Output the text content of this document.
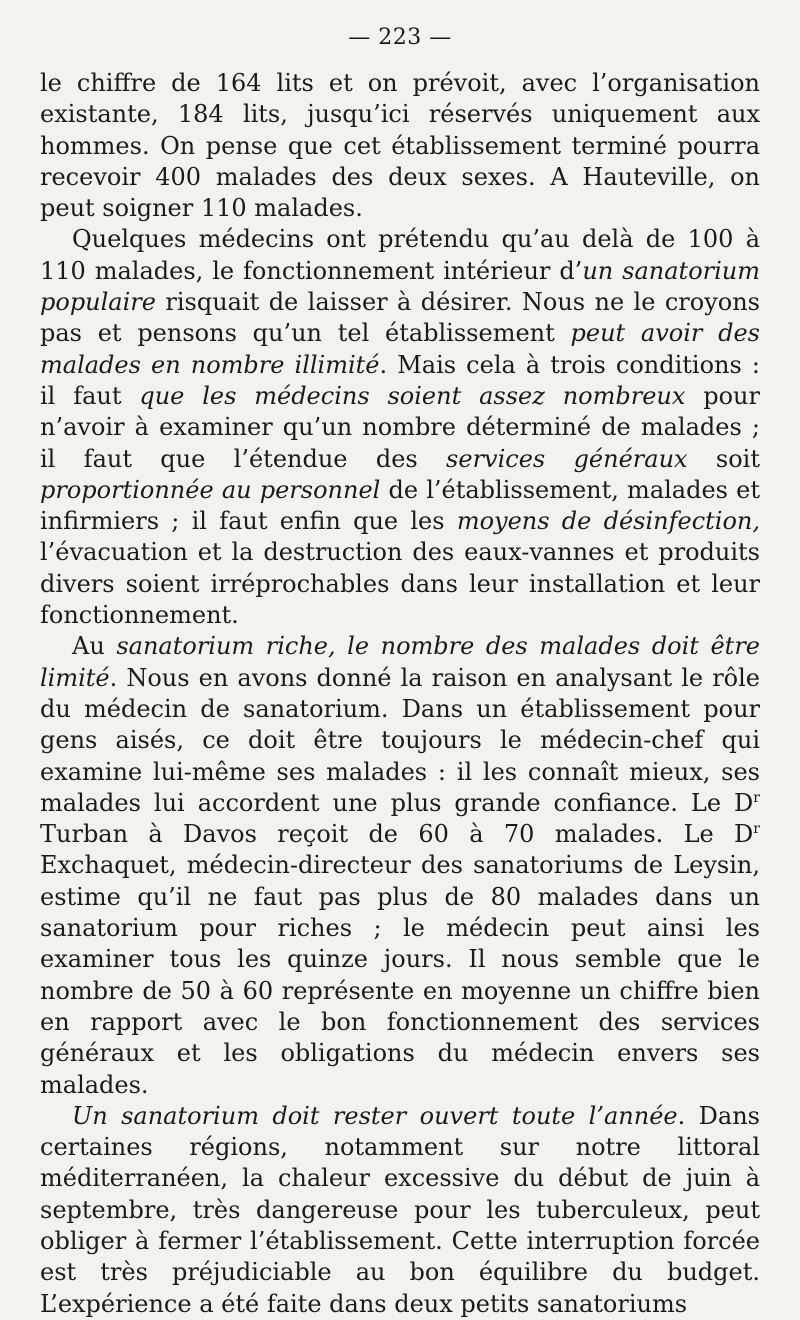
— 223 —

le chiffre de 164 lits et on prévoit, avec l’organisation existante, 184 lits, jusqu’ici réservés uniquement aux hommes. On pense que cet établissement terminé pourra recevoir 400 malades des deux sexes. A Hauteville, on peut soigner 110 malades.

Quelques médecins ont prétendu qu’au delà de 100 à 110 malades, le fonctionnement intérieur d’un sanatorium populaire risquait de laisser à désirer. Nous ne le croyons pas et pensons qu’un tel établissement peut avoir des malades en nombre illimité. Mais cela à trois conditions : il faut que les médecins soient assez nombreux pour n’avoir à examiner qu’un nombre déterminé de malades ; il faut que l’étendue des services généraux soit proportionnée au personnel de l’établissement, malades et infirmiers ; il faut enfin que les moyens de désinfection, l’évacuation et la destruction des eaux-vannes et produits divers soient irréprochables dans leur installation et leur fonctionnement.

Au sanatorium riche, le nombre des malades doit être limité. Nous en avons donné la raison en analysant le rôle du médecin de sanatorium. Dans un établissement pour gens aisés, ce doit être toujours le médecin-chef qui examine lui-même ses malades : il les connaît mieux, ses malades lui accordent une plus grande confiance. Le $D^r$ Turban à Davos reçoit de 60 à 70 malades. Le $D^r$ Exchaquet, médecin-directeur des sanatoriums de Leysin, estime qu’il ne faut pas plus de 80 malades dans un sanatorium pour riches ; le médecin peut ainsi les examiner tous les quinze jours. Il nous semble que le nombre de 50 à 60 représente en moyenne un chiffre bien en rapport avec le bon fonctionnement des services généraux et les obligations du médecin envers ses malades.

Un sanatorium doit rester ouvert toute l’année. Dans certaines régions, notamment sur notre littoral méditerranéen, la chaleur excessive du début de juin à septembre, très dangereuse pour les tuberculeux, peut obliger à fermer l’établissement. Cette interruption forcée est très préjudiciable au bon équilibre du budget. L’expérience a été faite dans deux petits sanatoriums
